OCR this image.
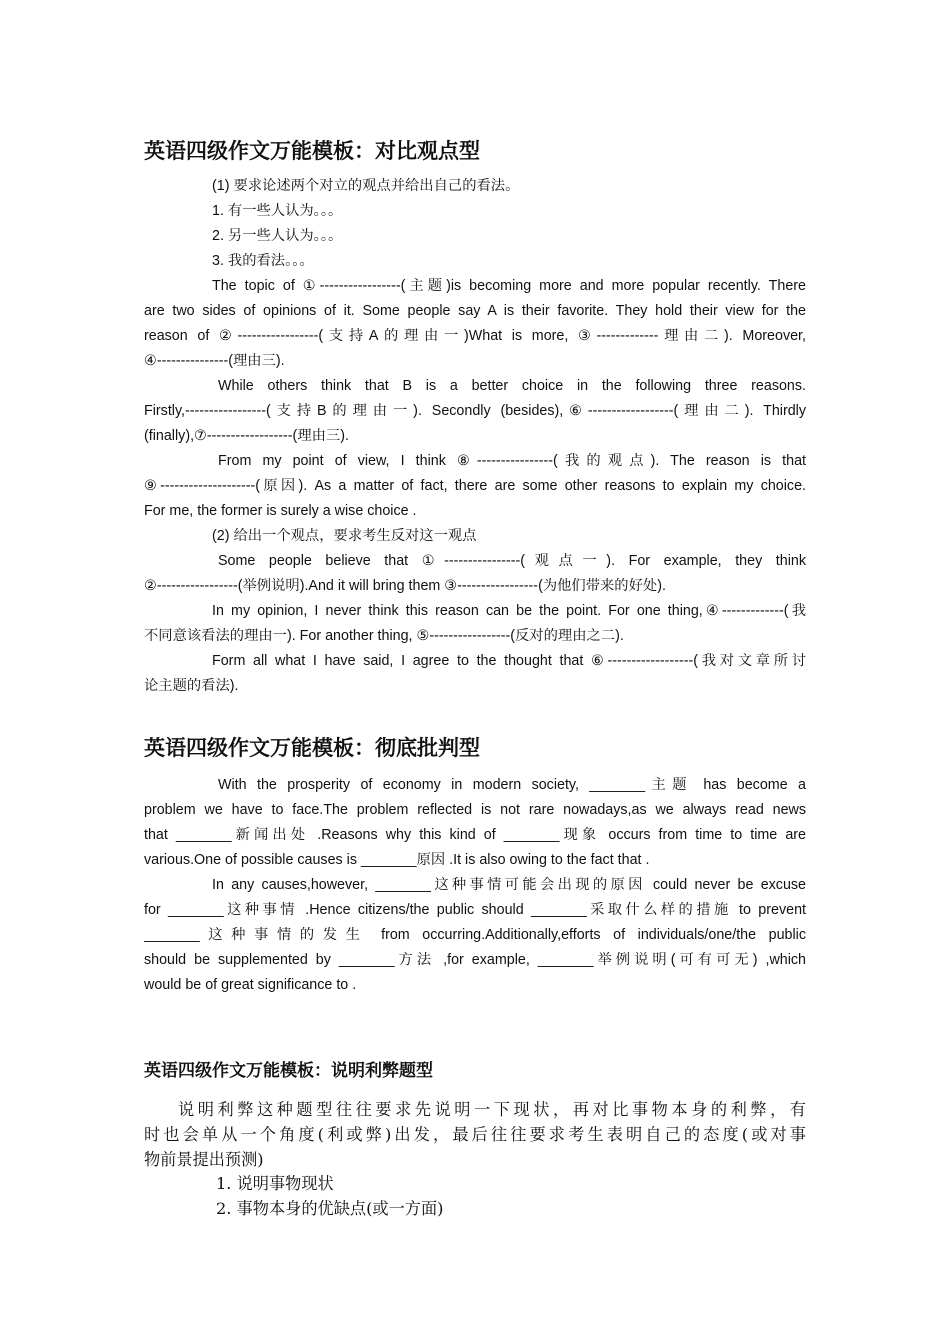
英语四级作文万能模板：对比观点型
(1) 要求论述两个对立的观点并给出自己的看法。
1. 有一些人认为。。。
2. 另一些人认为。。。
3. 我的看法。。。
The topic of ①-----------------(主题)is becoming more and more popular recently. There
are two sides of opinions of it. Some people say A is their favorite. They hold their view for the
reason of ②-----------------(支持A的理由一)What is more, ③-------------理由二). Moreover,
④---------------(理由三).
While others think that B is a better choice in the following three reasons.
Firstly,-----------------(支持B的理由一). Secondly (besides),⑥------------------(理由二). Thirdly
(finally),⑦------------------(理由三).
From my point of view, I think ⑧----------------(我的观点). The reason is that
⑨--------------------(原因). As a matter of fact, there are some other reasons to explain my choice.
For me, the former is surely a wise choice .
(2) 给出一个观点，要求考生反对这一观点
Some people believe that ①----------------(观点一). For example, they think
②-----------------(举例说明).And it will bring them ③-----------------(为他们带来的好处).
In my opinion, I never think this reason can be the point. For one thing,④-------------(我
不同意该看法的理由一). For another thing, ⑤-----------------(反对的理由之二).
Form all what I have said, I agree to the thought that ⑥------------------(我对文章所讨
论主题的看法).
英语四级作文万能模板：彻底批判型
With the prosperity of economy in modern society, _______主题 has become a
problem we have to face.The problem reflected is not rare nowadays,as we always read news
that _______新闻出处 .Reasons why this kind of _______现象 occurs from time to time are
various.One of possible causes is _______原因 .It is also owing to the fact that .
In any causes,however, _______这种事情可能会出现的原因 could never be excuse
for _______这种事情 .Hence citizens/the public should _______采取什么样的措施 to prevent
_______这种事情的发生 from occurring.Additionally,efforts of individuals/one/the public
should be supplemented by _______方法 ,for example, _______举例说明(可有可无) ,which
would be of great significance to .
英语四级作文万能模板：说明利弊题型
说明利弊这种题型往往要求先说明一下现状，再对比事物本身的利弊，有
时也会单从一个角度(利或弊)出发，最后往往要求考生表明自己的态度(或对事
物前景提出预测)
1. 说明事物现状
2. 事物本身的优缺点(或一方面)
